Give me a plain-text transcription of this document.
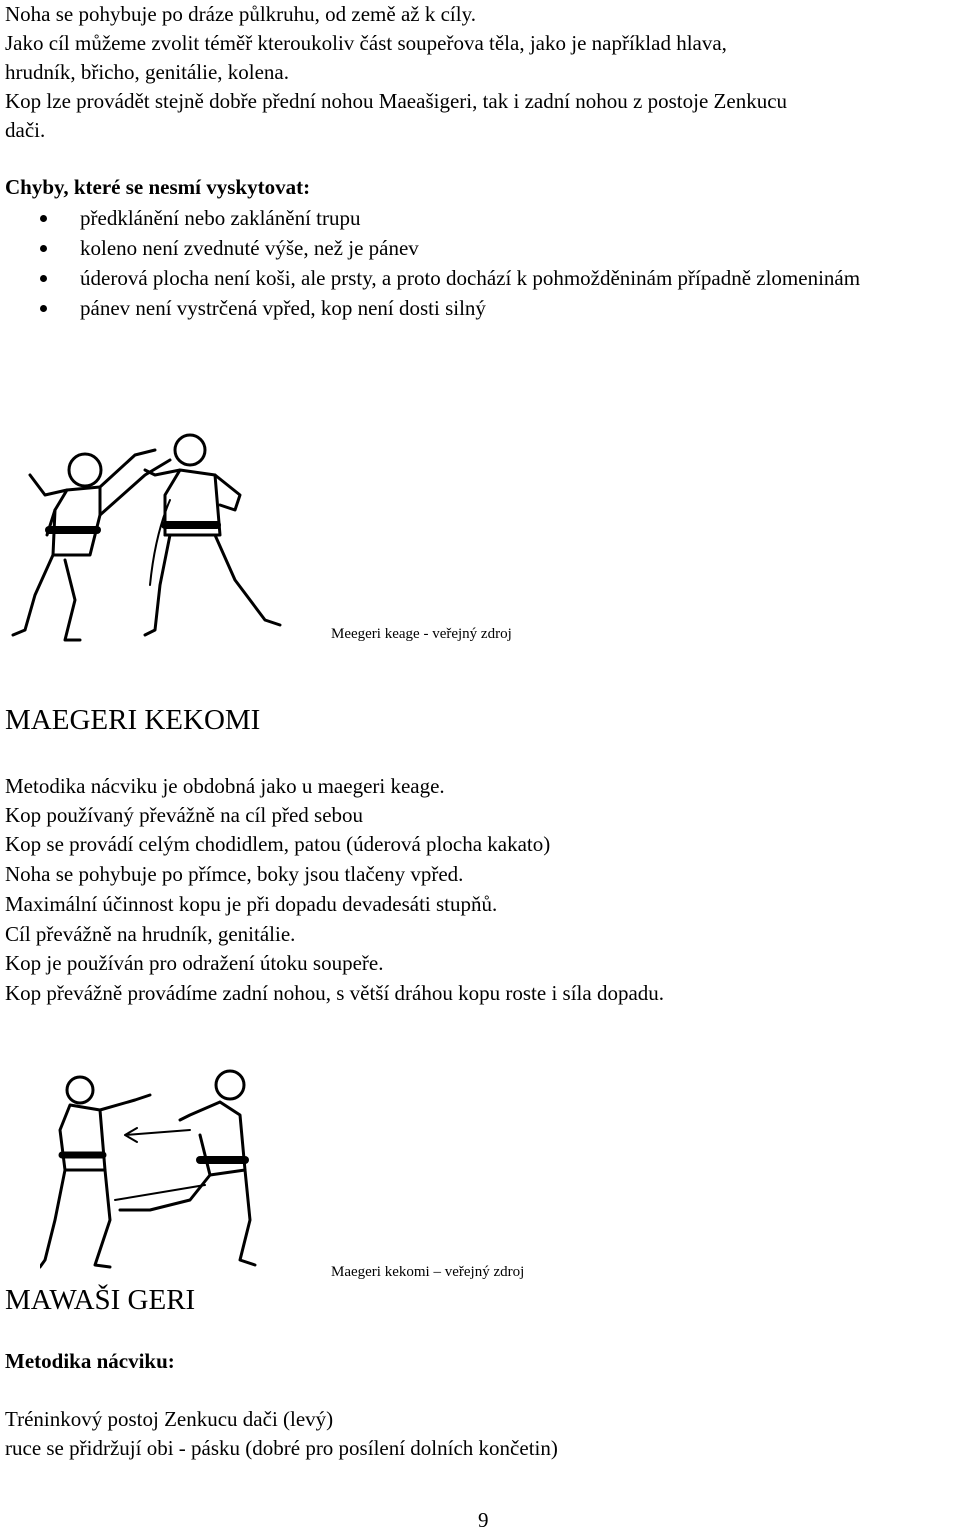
Noha se pohybuje po dráze půlkruhu, od země až k cíly.
Jako cíl můžeme zvolit téměř kteroukoliv část soupeřova těla, jako je například hlava,
hrudník, břicho, genitálie, kolena.
Kop lze provádět stejně dobře přední nohou Maeašigeri, tak i zadní nohou z postoje Zenkucu
dači.
Chyby, které se nesmí vyskytovat:
předklánění nebo zaklánění trupu
koleno není zvednuté výše, než je pánev
úderová plocha není koši, ale prsty, a proto dochází k pohmožděninám případně zlomeninám
pánev není vystrčená vpřed, kop není dosti silný
Meegeri keage - veřejný zdroj
MAEGERI KEKOMI
Metodika nácviku je obdobná jako u maegeri keage.
Kop používaný převážně na cíl před sebou
Kop se provádí celým chodidlem, patou (úderová plocha kakato)
Noha se pohybuje po přímce, boky jsou tlačeny vpřed.
Maximální účinnost kopu je při dopadu devadesáti stupňů.
Cíl převážně na hrudník, genitálie.
Kop je používán pro odražení útoku soupeře.
Kop převážně provádíme zadní nohou, s větší dráhou kopu roste i síla dopadu.
Maegeri kekomi – veřejný zdroj
MAWAŠI GERI
Metodika nácviku:
Tréninkový postoj Zenkucu dači (levý)
ruce se přidržují obi - pásku (dobré pro posílení dolních končetin)
9
